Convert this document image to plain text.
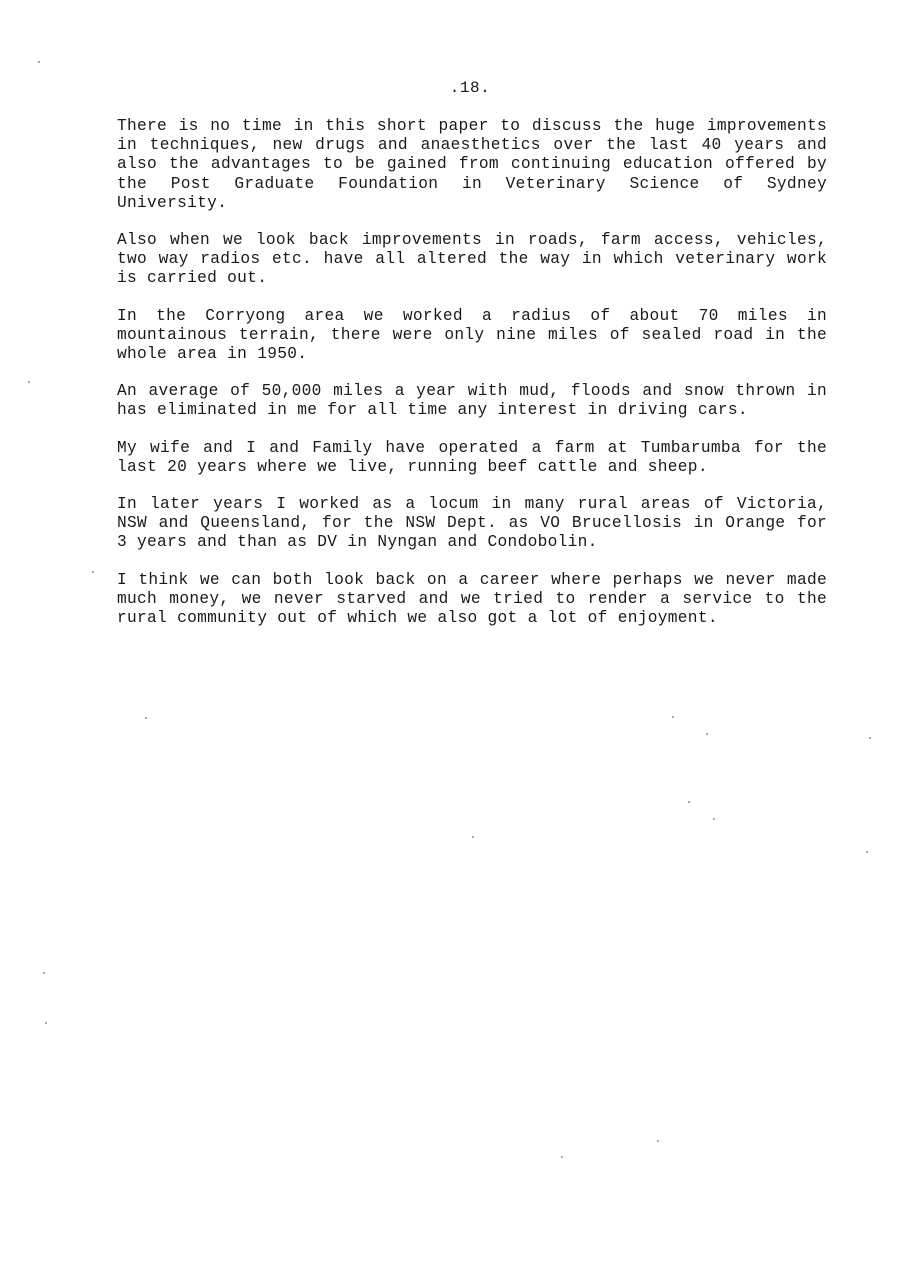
.18.

There is no time in this short paper to discuss the huge improvements in techniques, new drugs and anaesthetics over the last 40 years and also the advantages to be gained from continuing education offered by the Post Graduate Foundation in Veterinary Science of Sydney University.

Also when we look back improvements in roads, farm access, vehicles, two way radios etc. have all altered the way in which veterinary work is carried out.

In the Corryong area we worked a radius of about 70 miles in mountainous terrain, there were only nine miles of sealed road in the whole area in 1950.

An average of 50,000 miles a year with mud, floods and snow thrown in has eliminated in me for all time any interest in driving cars.

My wife and I and Family have operated a farm at Tumbarumba for the last 20 years where we live, running beef cattle and sheep.

In later years I worked as a locum in many rural areas of Victoria, NSW and Queensland, for the NSW Dept. as VO Brucellosis in Orange for 3 years and than as DV in Nyngan and Condobolin.

I think we can both look back on a career where perhaps we never made much money, we never starved and we tried to render a service to the rural community out of which we also got a lot of enjoyment.
